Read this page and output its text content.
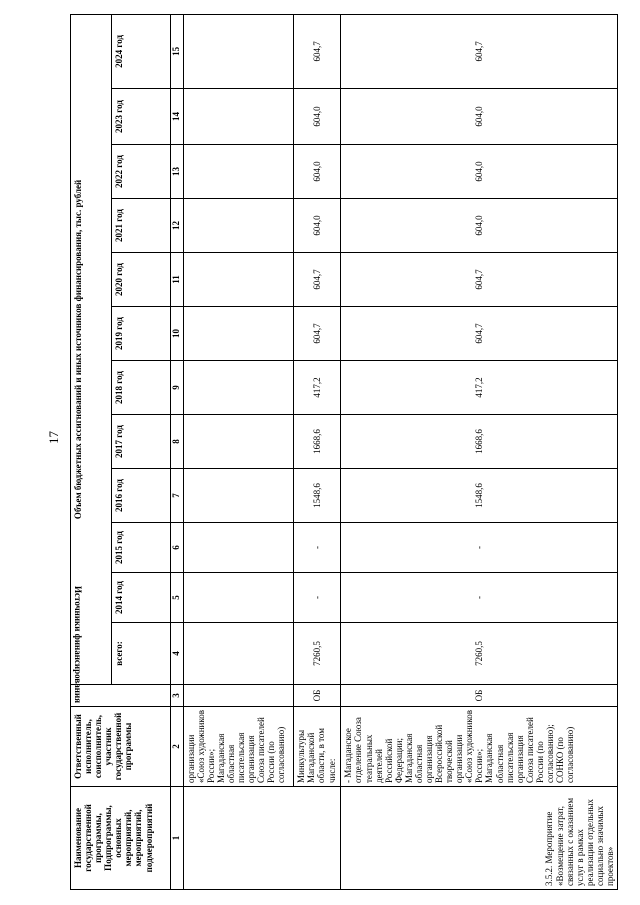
17
Наименование государственной программы, Подпрограммы, основных мероприятий, мероприятий, подмероприятий	Ответственный исполнитель, соисполнитель, участник государственной программы	Источники финансирования	Объем бюджетных ассигнований и иных источников финансирования, тыс. рублей											
			всего:	2014 год	2015 год	2016 год	2017 год	2018 год	2019 год	2020 год	2021 год	2022 год	2023 год	2024 год
1	2	3	4	5	6	7	8	9	10	11	12	13	14	15
	организации «Союз художников России»; Магаданская областная писательская организация Союза писателей России (по согласованию)													
	Минкультуры Магаданской области, в том числе:	ОБ	7260,5	-	-	1548,6	1668,6	417,2	604,7	604,7	604,0	604,0	604,0	604,7
3.5.2. Мероприятие «Возмещение затрат, связанных с оказанием услуг в рамках реализации отдельных социально значимых проектов»	- Магаданское отделение Союза театральных деятелей Российской Федерации; Магаданская областная организация Всероссийской творческой организации «Союз художников России»; Магаданская областная писательская организация Союза писателей России (по согласованию); СОНКО (по согласованию)	ОБ	7260,5	-	-	1548,6	1668,6	417,2	604,7	604,7	604,0	604,0	604,0	604,7
